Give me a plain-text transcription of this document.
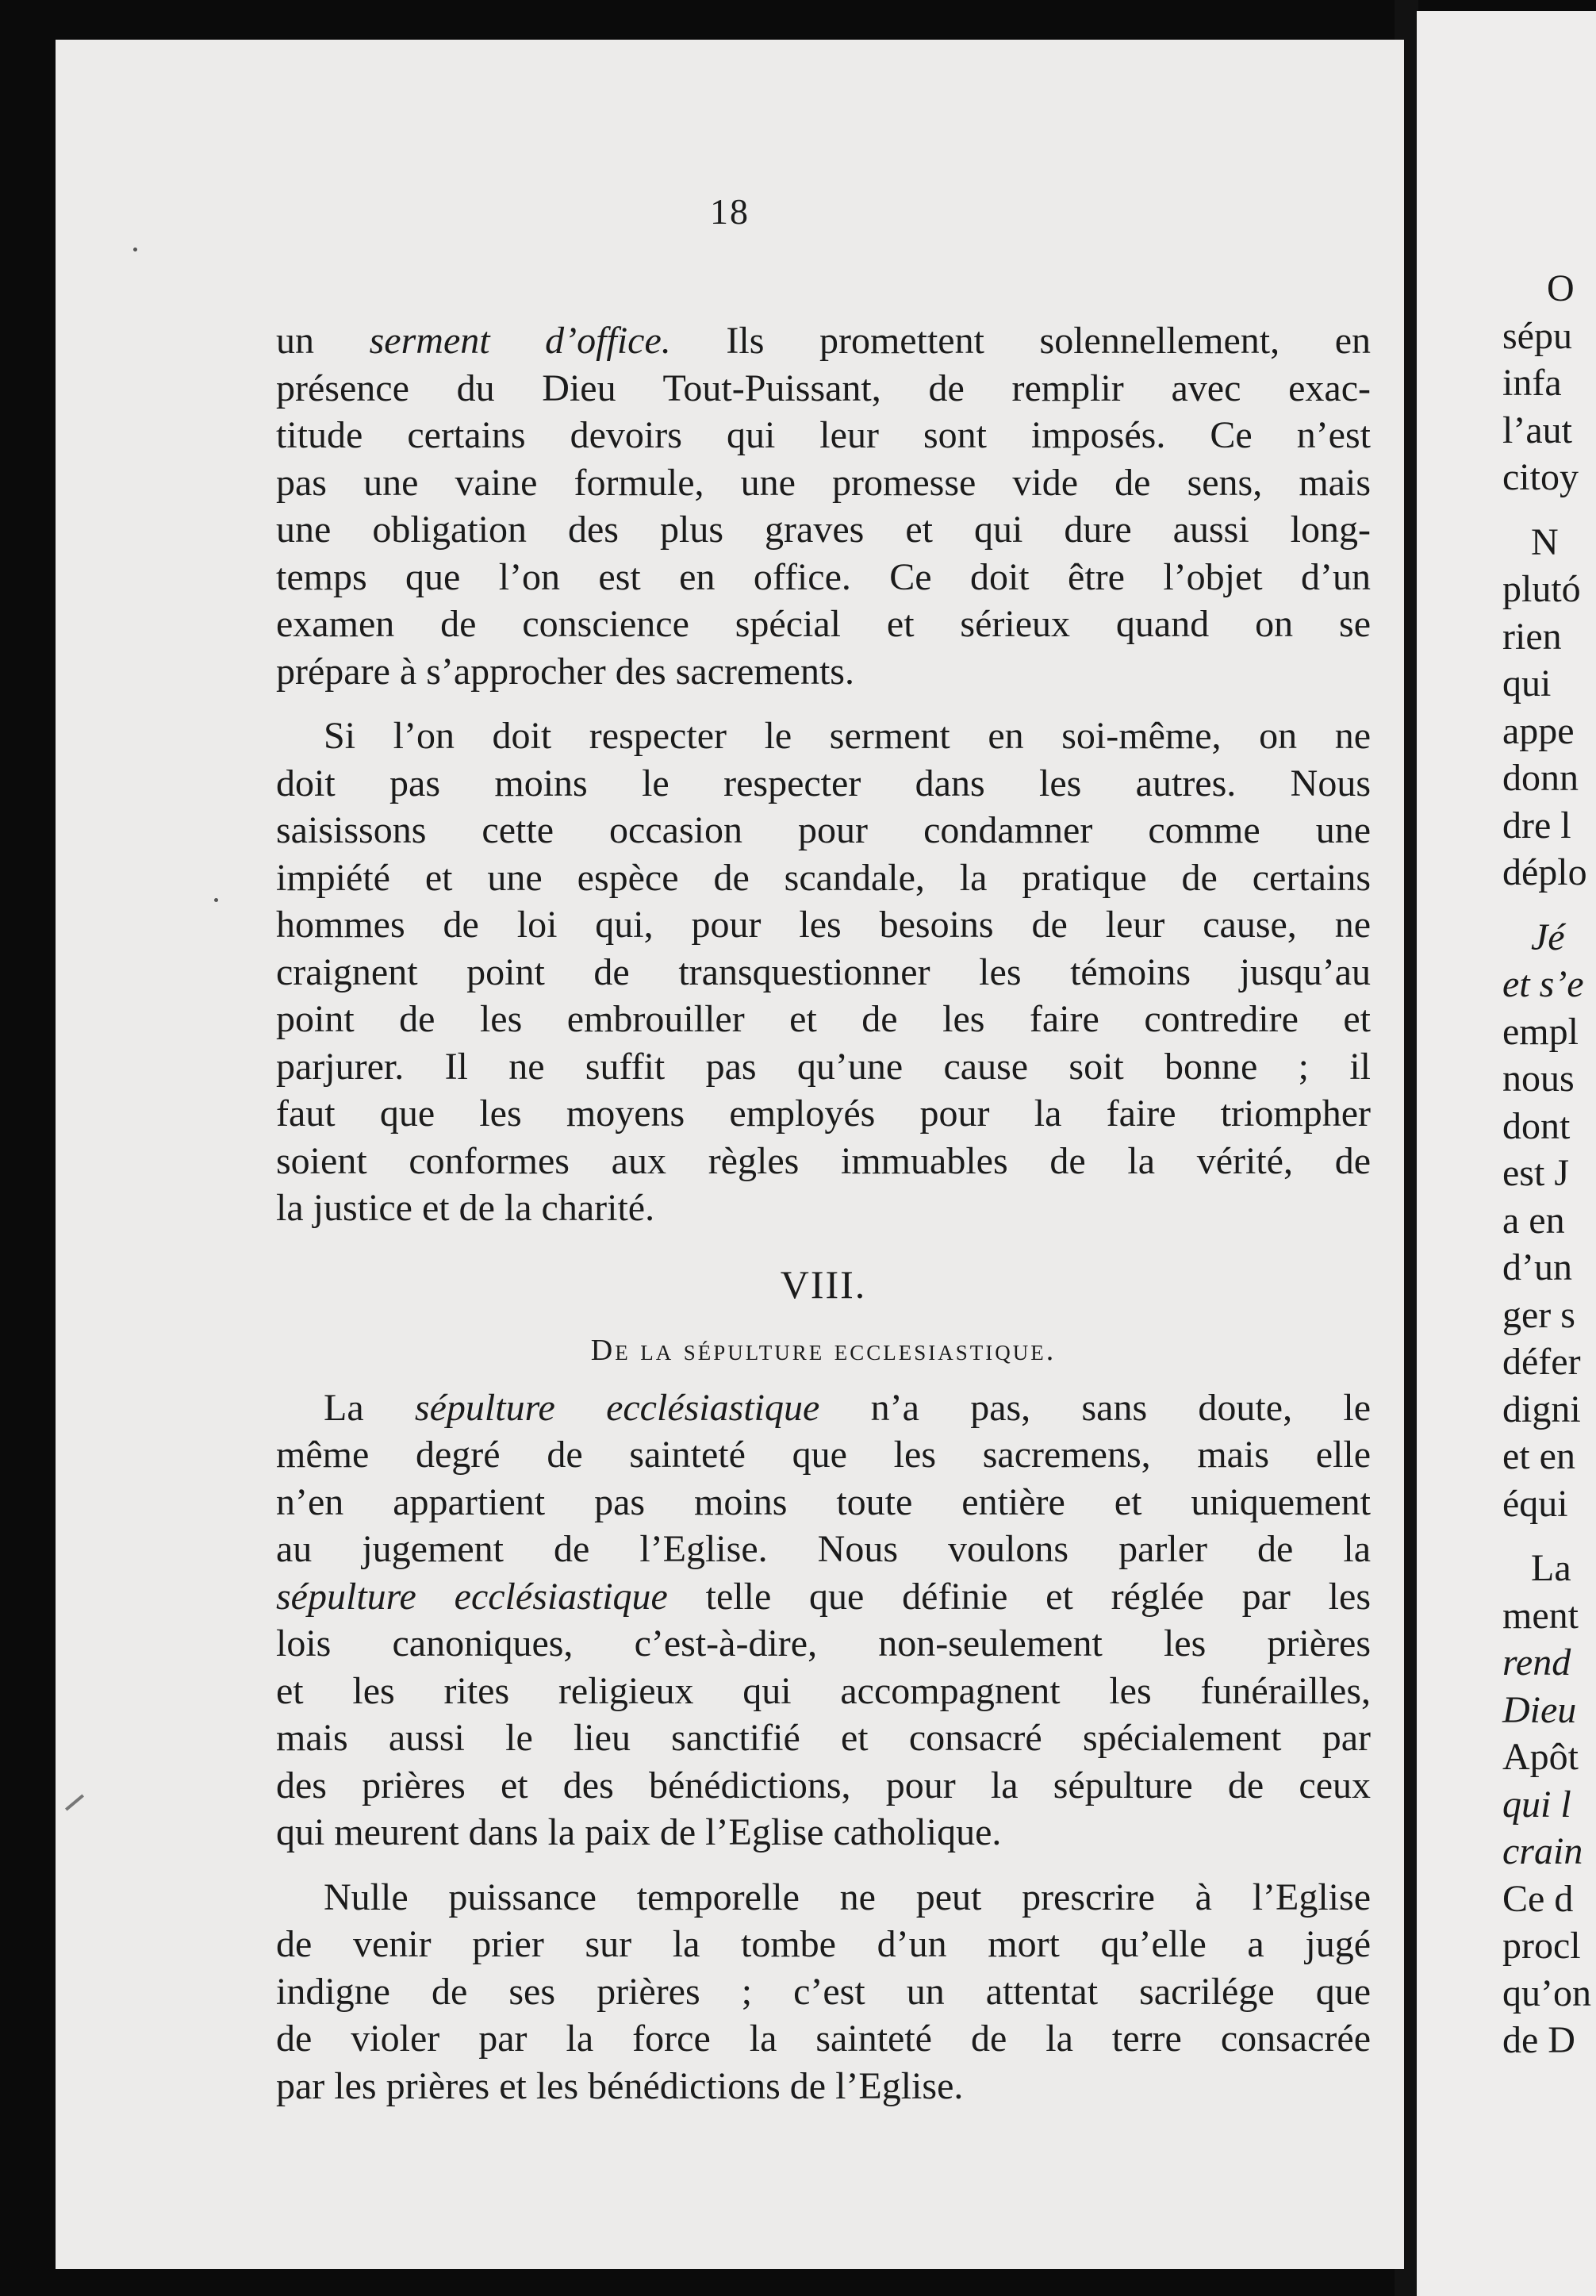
18
un serment d’office. Ils promettent solennellement, en
présence du Dieu Tout-Puissant, de remplir avec exac-
titude certains devoirs qui leur sont imposés. Ce n’est
pas une vaine formule, une promesse vide de sens, mais
une obligation des plus graves et qui dure aussi long-
temps que l’on est en office. Ce doit être l’objet d’un
examen de conscience spécial et sérieux quand on se
prépare à s’approcher des sacrements.
Si l’on doit respecter le serment en soi-même, on ne
doit pas moins le respecter dans les autres. Nous
saisissons cette occasion pour condamner comme une
impiété et une espèce de scandale, la pratique de certains
hommes de loi qui, pour les besoins de leur cause, ne
craignent point de transquestionner les témoins jusqu’au
point de les embrouiller et de les faire contredire et
parjurer. Il ne suffit pas qu’une cause soit bonne ; il
faut que les moyens employés pour la faire triompher
soient conformes aux règles immuables de la vérité, de
la justice et de la charité.
VIII.
De la sépulture ecclesiastique.
La sépulture ecclésiastique n’a pas, sans doute, le
même degré de sainteté que les sacremens, mais elle
n’en appartient pas moins toute entière et uniquement
au jugement de l’Eglise. Nous voulons parler de la
sépulture ecclésiastique telle que définie et réglée par les
lois canoniques, c’est-à-dire, non-seulement les prières
et les rites religieux qui accompagnent les funérailles,
mais aussi le lieu sanctifié et consacré spécialement par
des prières et des bénédictions, pour la sépulture de ceux
qui meurent dans la paix de l’Eglise catholique.
Nulle puissance temporelle ne peut prescrire à l’Eglise
de venir prier sur la tombe d’un mort qu’elle a jugé
indigne de ses prières ; c’est un attentat sacrilége que
de violer par la force la sainteté de la terre consacrée
par les prières et les bénédictions de l’Eglise.
O
sépu
infa
l’aut
citoy
N
plutó
rien
qui
appe
donn
dre l
déplo
Jé
et s’e
empl
nous
dont
est J
a en
d’un
ger s
défer
digni
et en
équi
La
ment
rend
Dieu
Apôt
qui l
crain
Ce d
procl
qu’on
de D
